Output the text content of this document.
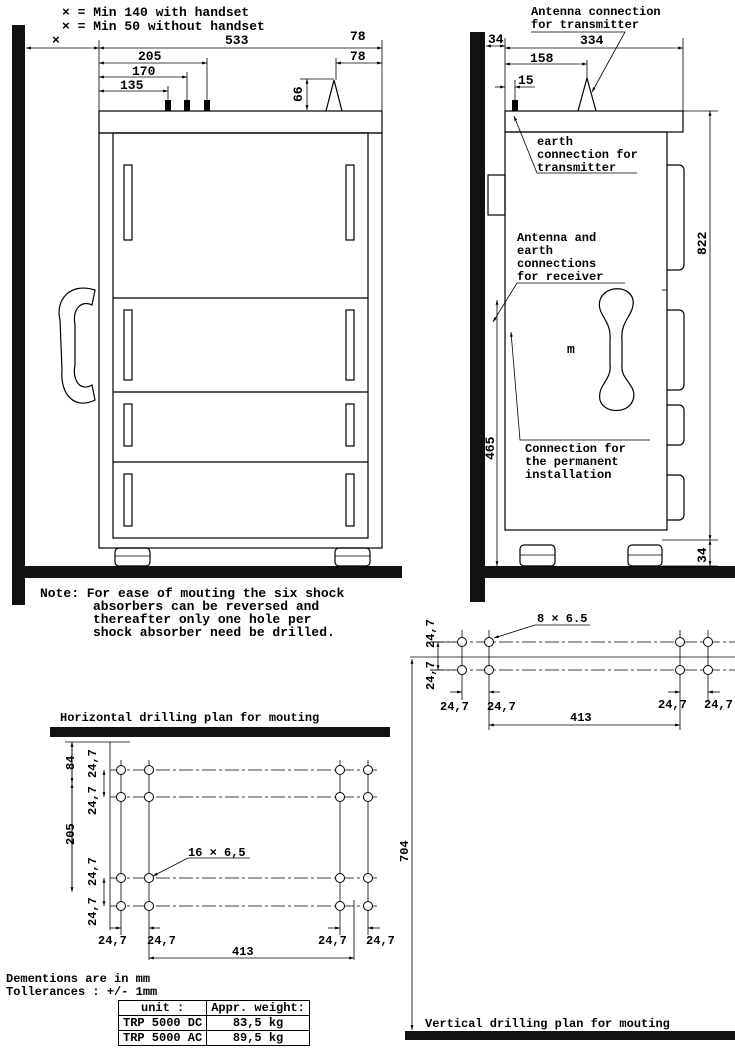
× = Min 140 with handset
× = Min 50 without handset
×	533
205
170
135
78
78
66
Note: For ease of mouting the six shock
absorbers can be reversed and
thereafter only one hole per
shock absorber need be drilled.
34	334
158
15
822
34
465
Antenna connection
for transmitter
earth
connection for
transmitter
Antenna and
earth
connections
for receiver
m
Connection for
the permanent
installation
8 × 6.5
24,7
24,7
24,7 24,7	24,7 24,7
413
704
Vertical drilling plan for mouting
Horizontal drilling plan for mouting
16 × 6,5
84
205
24,7
24,7
24,7
24,7
24,7 24,7	24,7 24,7
413
Dementions are in mm
Tollerances : +/- 1mm
unit :	Appr. weight:
TRP 5000 DC	83,5 kg
TRP 5000 AC	89,5 kg
